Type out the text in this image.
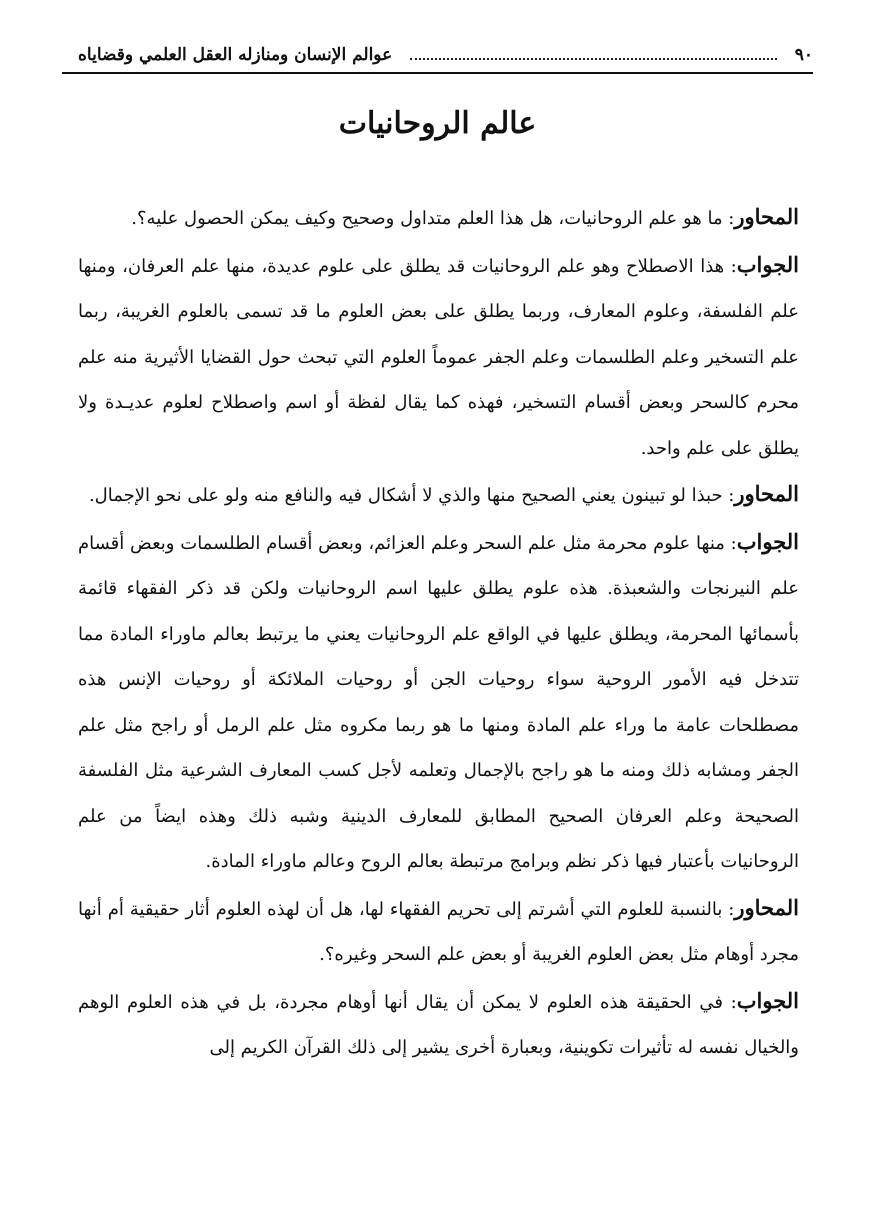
٩٠
عوالم الإنسان ومنازله العقل العلمي وقضاياه
عالم الروحانيات

المحاور: ما هو علم الروحانيات، هل هذا العلم متداول وصحيح وكيف يمكن الحصول عليه؟.

الجواب: هذا الاصطلاح وهو علم الروحانيات قد يطلق على علوم عديدة، منها علم العرفان، ومنها علم الفلسفة، وعلوم المعارف، وربما يطلق على بعض العلوم ما قد تسمى بالعلوم الغريبة، ربما علم التسخير وعلم الطلسمات وعلم الجفر عموماً العلوم التي تبحث حول القضايا الأثيرية منه علم محرم كالسحر وبعض أقسام التسخير، فهذه كما يقال لفظة أو اسم واصطلاح لعلوم عديـدة ولا يطلق على علم واحد.

المحاور: حبذا لو تبينون يعني الصحيح منها والذي لا أشكال فيه والنافع منه ولو على نحو الإجمال.

الجواب: منها علوم محرمة مثل علم السحر وعلم العزائم، وبعض أقسام الطلسمات وبعض أقسام علم النيرنجات والشعبذة. هذه علوم يطلق عليها اسم الروحانيات ولكن قد ذكر الفقهاء قائمة بأسمائها المحرمة، ويطلق عليها في الواقع علم الروحانيات يعني ما يرتبط بعالم ماوراء المادة مما تتدخل فيه الأمور الروحية سواء روحيات الجن أو روحيات الملائكة أو روحيات الإنس هذه مصطلحات عامة ما وراء علم المادة ومنها ما هو ربما مكروه مثل علم الرمل أو راجح مثل علم الجفر ومشابه ذلك ومنه ما هو راجح بالإجمال وتعلمه لأجل كسب المعارف الشرعية مثل الفلسفة الصحيحة وعلم العرفان الصحيح المطابق للمعارف الدينية وشبه ذلك وهذه ايضاً من علم الروحانيات بأعتبار فيها ذكر نظم وبرامج مرتبطة بعالم الروح وعالم ماوراء المادة.

المحاور: بالنسبة للعلوم التي أشرتم إلى تحريم الفقهاء لها، هل أن لهذه العلوم أثار حقيقية أم أنها مجرد أوهام مثل بعض العلوم الغريبة أو بعض علم السحر وغيره؟.

الجواب: في الحقيقة هذه العلوم لا يمكن أن يقال أنها أوهام مجردة، بل في هذه العلوم الوهم والخيال نفسه له تأثيرات تكوينية، وبعبارة أخرى يشير إلى ذلك القرآن الكريم إلى
